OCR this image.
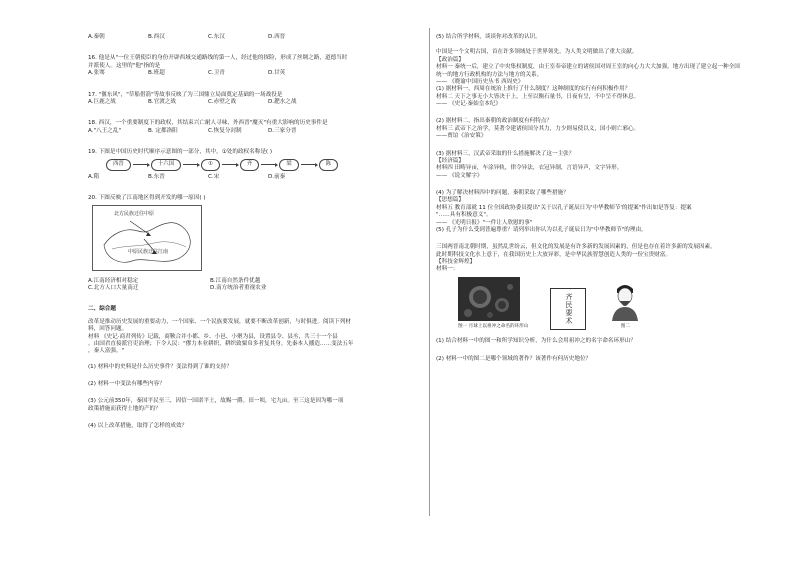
A.秦朝	B.西汉	C.东汉	D.西晋

16. 他是从"一位王朝使臣的身份开辟西域交通路线的第一人，经过他的探险，形成了丝绸之路，道德当时

并派使人。这里的"他"指的是

A.张骞	B.班超	C.卫青	D.甘英

17. "偃东风"，"草船借箭"等故事反映了为三国鼎立局面奠定基础的一场战役是

A.巨鹿之战	B.官渡之战	C.赤壁之战	D.淝水之战

18. 西汉，一个重要制度下的政权，其结束兴亡耐人寻味，外西晋"魔灭"有重大影响的历史事件是

A."八王之乱"	B. 定都洛阳	C.恢复分封制	D.三家分晋

19. 下图是中国历史时代顺序示意图的一部分，其中，①处的政权名称是( )

西晋	十六国	①	齐	梁	陈
A.隋	B.东晋	C.宋	D.前秦

20. 下图反映了江南地区得到开发的哪一原因( )

北方民族迁往中原
中原民族迁往江南
A.江南经济相对稳定	B.江南自然条件优越
C.北方人口大量南迁	D.南方统治者重视农业

二、综合题

改革是推动历史发展的重要动力，一个国家、一个民族要发展，就要不断改革创新，与时俱进。阅读下列材

料，回答问题。

材料 《史记·商君列传》记载，商鞅合并小都、乡、小邑、小聚为县，设置县令、县丞，共三十一个县

。由国君直接派官吏治理；下令人民："僇力本业耕织，耕织致粟帛多者复其身。先秦本人播造……变法五年

，秦人富强。"

(1) 材料中的史料是什么历史事件？变法得到了谁的支持？

(2) 材料一中变法有哪些内容？

(3) 公元前350年，秦国平民至三，因信一国诺平土，故赐一爵。田一顷，宅九亩。至三这是因为哪一项

政策措施而获得土地的产的？

(4) 以上改革措施，取得了怎样的成效？

(5) 结合所学材料，谈谈你对改革的认识。

中国是一个文明古国，首在许多领域处于世界领先，为人类文明做出了重大贡献。

【政治篇】

材料一 秦统一后，建立了中央集权制度，由王室奉帝建立的诸侯国对周王室的向心力大大加强，地方出现了建立起一种全国

统一的地方行政机构的方法与地方的关系。

—— 《晓谕中国历史丛书 西周史》

(1) 据材料一，西周在统治上推行了什么制度？这种制度的实行有何积极作用？

材料二 天下之事无小大皆决于上，上至以衡石量书，日夜有呈，不中呈不得休息。

—— 《史记·秦始皇本纪》

(2) 据材料二，指出秦朝的政治制度有何特点？

材料三 武帝下之治学，莫著令建诸侯国分其力，力少则易使以义，国小则亡邪心。

——贾谊《治安策》

(3) 据材料三，汉武帝采取的什么措施解决了这一主张？

【经济篇】

材料四 田畴异亩，车涂异轨，律令异法，衣冠异制，言语异声，文字异形。

—— 《说文解字》

(4) 为了解决材料四中的问题，秦朝采取了哪些措施？

【思想篇】

材料五 教育部就 11 位全国政协委员提出"关于以孔子诞辰日为'中华教师节'的提案"作出如是答复：提案

"……具有积极意义"。

—— 《光明日报》"一件让人欣慰的事"

(5) 孔子为什么受到普遍尊重？请列举出你认为以孔子诞辰日为"中华教师节"的理由。

三国两晋南北朝时期，虽然乱世纷云，但文化的发展是有许多新的发展因素的，但是也存在着许多新的发展因素。

此时期科技文化水上意于，在我国历史上大放异彩，是中华民族智慧创造人类的一份宝贵财富。

【科技金辉煌】

材料一：

图一 月球上以祖冲之命名的环形山
齐民要术
图二

(1) 结合材料一中的图一和所学知识分析，为什么会用祖冲之的名字命名环形山？

(2) 材料一中的图二是哪个领域的著作？该著作有何历史地位？
